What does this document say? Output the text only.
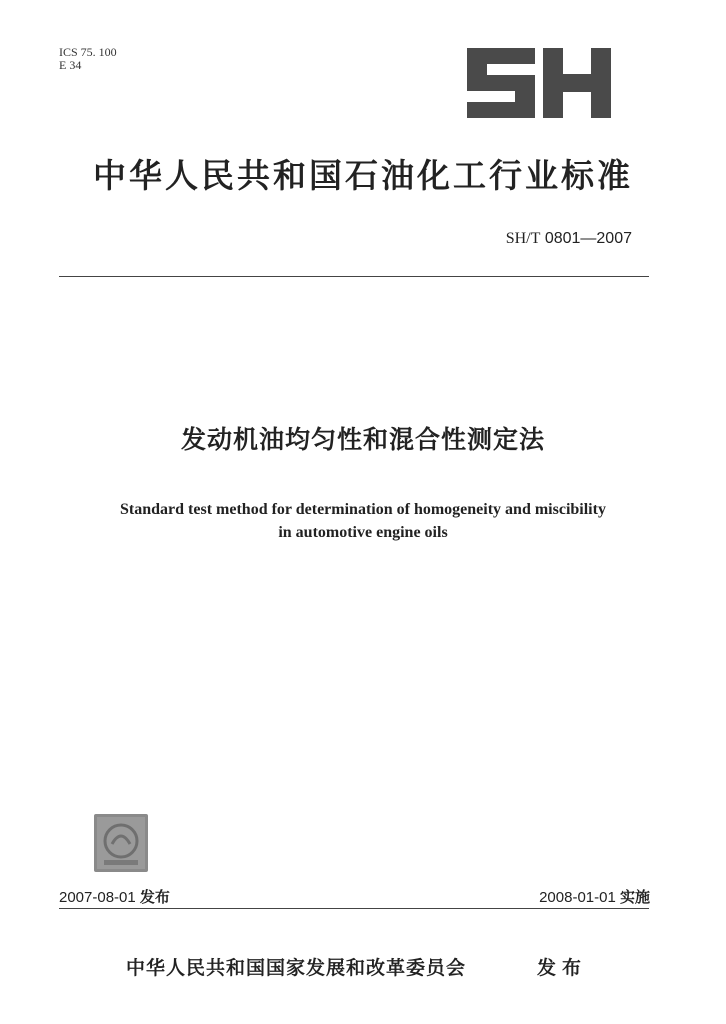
ICS 75. 100
E 34
中华人民共和国石油化工行业标准
SH/T 0801—2007
发动机油均匀性和混合性测定法
Standard test method for determination of homogeneity and miscibility
in automotive engine oils
2007-08-01 发布	2008-01-01 实施
中华人民共和国国家发展和改革委员会	发布
